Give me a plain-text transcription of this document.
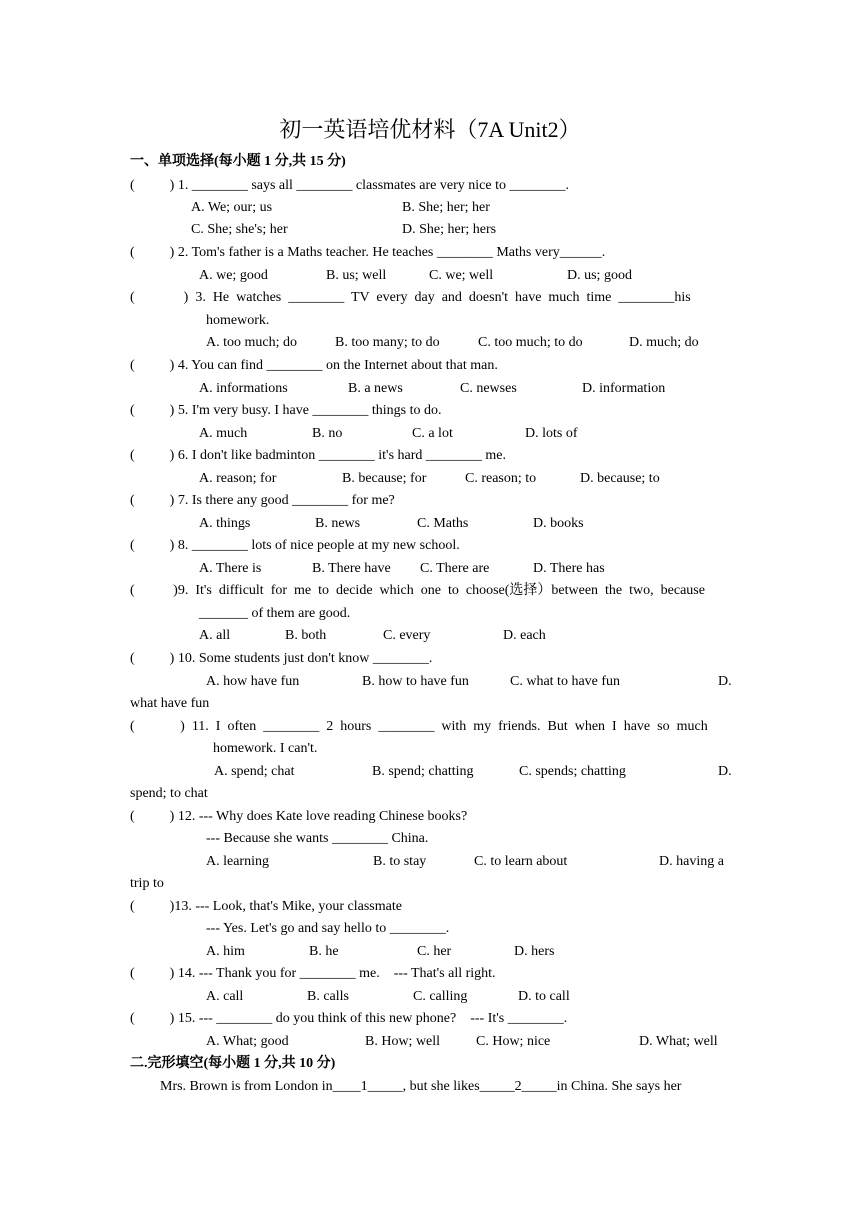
初一英语培优材料（7A Unit2）
一、单项选择(每小题 1 分,共 15 分)
(          ) 1. ________ says all ________ classmates are very nice to ________.
A. We; our; us	B. She; her; her
C. She; she's; her	D. She; her; hers
(          ) 2. Tom's father is a Maths teacher. He teaches ________ Maths very______.
A. we; good	B. us; well	C. we; well	D. us; good
(              )  3.  He  watches  ________  TV  every  day  and  doesn't  have  much  time  ________his
homework.
A. too much; do	B. too many; to do	C. too much; to do	D. much; do
(          ) 4. You can find ________ on the Internet about that man.
A. informations	B. a news	C. newses	D. information
(          ) 5. I'm very busy. I have ________ things to do.
A. much	B. no	C. a lot	D. lots of
(          ) 6. I don't like badminton ________ it's hard ________ me.
A. reason; for	B. because; for	C. reason; to	D. because; to
(          ) 7. Is there any good ________ for me?
A. things	B. news	C. Maths	D. books
(          ) 8. ________ lots of nice people at my new school.
A. There is	B. There have C. There are	D. There has
(           )9.  It's  difficult  for  me  to  decide  which  one  to  choose(选择）between  the  two,  because
_______ of them are good.
A. all	B. both	C. every	D. each
(          ) 10. Some students just don't know ________.
A. how have fun	B. how to have fun	C. what to have fun	D.
what have fun
(             )  11.  I  often  ________  2  hours  ________  with  my  friends.  But  when  I  have  so  much
homework. I can't.
A. spend; chat	B. spend; chatting	C. spends; chatting	D.
spend; to chat
(          ) 12. --- Why does Kate love reading Chinese books?
--- Because she wants ________ China.
A. learning	B. to stay	C. to learn about	D. having a
trip to
(          )13. --- Look, that's Mike, your classmate
--- Yes. Let's go and say hello to ________.
A. him	B. he	C. her	D. hers
(          ) 14. --- Thank you for ________ me.    --- That's all right.
A. call	B. calls	C. calling	D. to call
(          ) 15. --- ________ do you think of this new phone?    --- It's ________.
A. What; good	B. How; well	C. How; nice	D. What; well
二.完形填空(每小题 1 分,共 10 分)
Mrs. Brown is from London in____1_____, but she likes_____2_____in China. She says her
